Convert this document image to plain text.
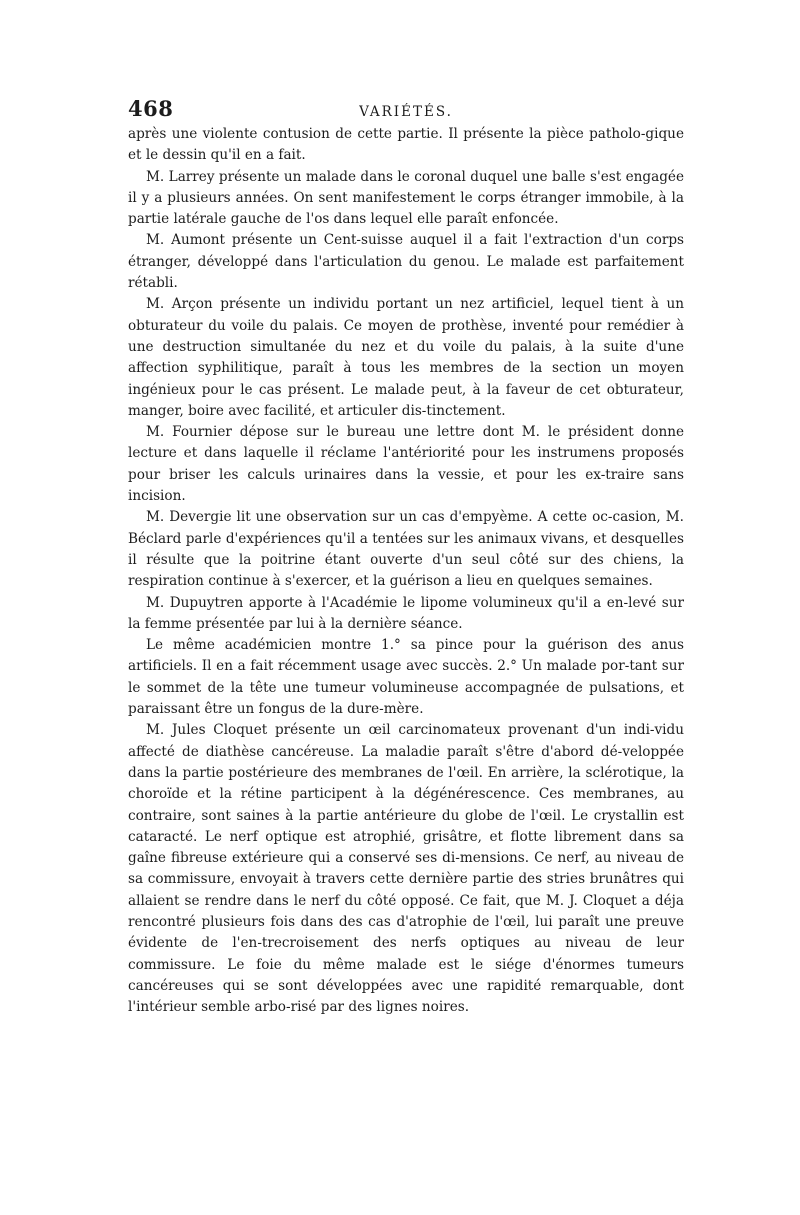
468	VARIÉTÉS.

après une violente contusion de cette partie. Il présente la pièce patholo-gique et le dessin qu'il en a fait.

M. Larrey présente un malade dans le coronal duquel une balle s'est engagée il y a plusieurs années. On sent manifestement le corps étranger immobile, à la partie latérale gauche de l'os dans lequel elle paraît enfoncée.

M. Aumont présente un Cent-suisse auquel il a fait l'extraction d'un corps étranger, développé dans l'articulation du genou. Le malade est parfaitement rétabli.

M. Arçon présente un individu portant un nez artificiel, lequel tient à un obturateur du voile du palais. Ce moyen de prothèse, inventé pour remédier à une destruction simultanée du nez et du voile du palais, à la suite d'une affection syphilitique, paraît à tous les membres de la section un moyen ingénieux pour le cas présent. Le malade peut, à la faveur de cet obturateur, manger, boire avec facilité, et articuler dis-tinctement.

M. Fournier dépose sur le bureau une lettre dont M. le président donne lecture et dans laquelle il réclame l'antériorité pour les instrumens proposés pour briser les calculs urinaires dans la vessie, et pour les ex-traire sans incision.

M. Devergie lit une observation sur un cas d'empyème. A cette oc-casion, M. Béclard parle d'expériences qu'il a tentées sur les animaux vivans, et desquelles il résulte que la poitrine étant ouverte d'un seul côté sur des chiens, la respiration continue à s'exercer, et la guérison a lieu en quelques semaines.

M. Dupuytren apporte à l'Académie le lipome volumineux qu'il a en-levé sur la femme présentée par lui à la dernière séance.

Le même académicien montre 1.° sa pince pour la guérison des anus artificiels. Il en a fait récemment usage avec succès. 2.° Un malade por-tant sur le sommet de la tête une tumeur volumineuse accompagnée de pulsations, et paraissant être un fongus de la dure-mère.

M. Jules Cloquet présente un œil carcinomateux provenant d'un indi-vidu affecté de diathèse cancéreuse. La maladie paraît s'être d'abord dé-veloppée dans la partie postérieure des membranes de l'œil. En arrière, la sclérotique, la choroïde et la rétine participent à la dégénérescence. Ces membranes, au contraire, sont saines à la partie antérieure du globe de l'œil. Le crystallin est cataracté. Le nerf optique est atrophié, grisâtre, et flotte librement dans sa gaîne fibreuse extérieure qui a conservé ses di-mensions. Ce nerf, au niveau de sa commissure, envoyait à travers cette dernière partie des stries brunâtres qui allaient se rendre dans le nerf du côté opposé. Ce fait, que M. J. Cloquet a déja rencontré plusieurs fois dans des cas d'atrophie de l'œil, lui paraît une preuve évidente de l'en-trecroisement des nerfs optiques au niveau de leur commissure. Le foie du même malade est le siége d'énormes tumeurs cancéreuses qui se sont développées avec une rapidité remarquable, dont l'intérieur semble arbo-risé par des lignes noires.
